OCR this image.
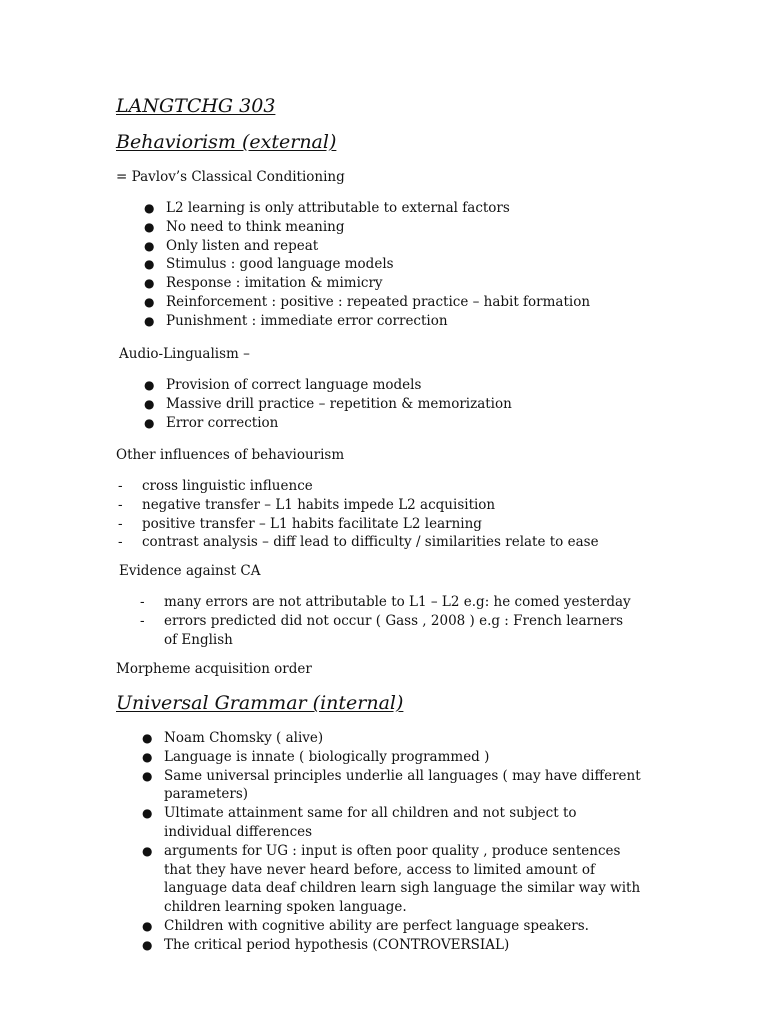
LANGTCHG 303
Behaviorism (external)
= Pavlov’s Classical Conditioning
● L2 learning is only attributable to external factors
● No need to think meaning
● Only listen and repeat
● Stimulus : good language models
● Response : imitation & mimicry
● Reinforcement : positive : repeated practice – habit formation
● Punishment : immediate error correction
Audio-Lingualism –
● Provision of correct language models
● Massive drill practice – repetition & memorization
● Error correction
Other influences of behaviourism
- cross linguistic influence
- negative transfer – L1 habits impede L2 acquisition
- positive transfer – L1 habits facilitate L2 learning
- contrast analysis – diff lead to difficulty / similarities relate to ease
Evidence against CA
- many errors are not attributable to L1 – L2 e.g: he comed yesterday
- errors predicted did not occur ( Gass , 2008 ) e.g : French learners of English
Morpheme acquisition order
Universal Grammar (internal)
● Noam Chomsky ( alive)
● Language is innate ( biologically programmed )
● Same universal principles underlie all languages ( may have different parameters)
● Ultimate attainment same for all children and not subject to individual differences
● arguments for UG : input is often poor quality , produce sentences that they have never heard before, access to limited amount of language data deaf children learn sigh language the similar way with children learning spoken language.
● Children with cognitive ability are perfect language speakers.
● The critical period hypothesis (CONTROVERSIAL)
